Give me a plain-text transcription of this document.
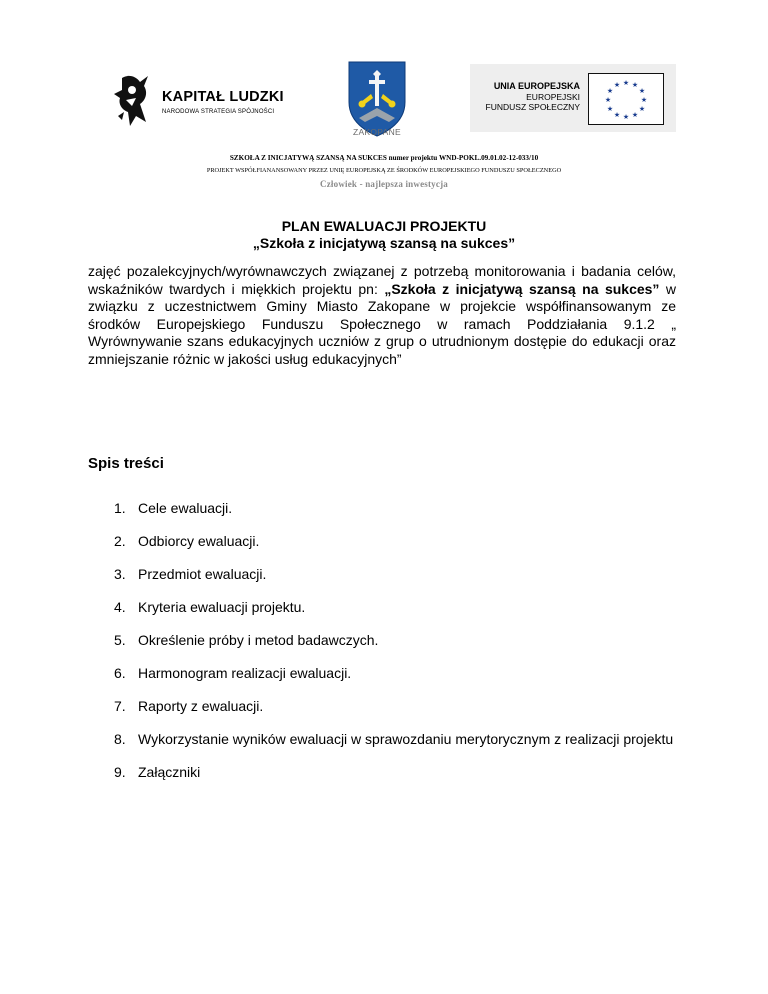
KAPITAŁ LUDZKI
NARODOWA STRATEGIA SPÓJNOŚCI
ZAKOPANE
UNIA EUROPEJSKA
EUROPEJSKI
FUNDUSZ SPOŁECZNY
★ ★
★
★
★
★
★
★
★
★
★
★
SZKOŁA Z INICJATYWĄ SZANSĄ NA SUKCES numer projektu WND-POKL.09.01.02-12-033/10
PROJEKT WSPÓŁFIANANSOWANY PRZEZ UNIĘ EUROPEJSKĄ ZE ŚRODKÓW EUROPEJSKIEGO FUNDUSZU SPOŁECZNEGO
Człowiek - najlepsza inwestycja
PLAN EWALUACJI PROJEKTU
„Szkoła z inicjatywą szansą na sukces”
zajęć pozalekcyjnych/wyrównawczych związanej z potrzebą monitorowania i badania celów,
wskaźników twardych i miękkich projektu pn: „Szkoła z inicjatywą szansą na sukces” w
związku z uczestnictwem Gminy Miasto Zakopane w projekcie współfinansowanym ze
środków Europejskiego Funduszu Społecznego w ramach Poddziałania 9.1.2 „
Wyrównywanie szans edukacyjnych uczniów z grup o utrudnionym dostępie do edukacji oraz
zmniejszanie różnic w jakości usług edukacyjnych”
Spis treści
1. Cele ewaluacji.
2. Odbiorcy ewaluacji.
3. Przedmiot ewaluacji.
4. Kryteria ewaluacji projektu.
5. Określenie próby i metod badawczych.
6. Harmonogram realizacji ewaluacji.
7. Raporty z ewaluacji.
8. Wykorzystanie wyników ewaluacji w sprawozdaniu merytorycznym z realizacji projektu
9. Załączniki
